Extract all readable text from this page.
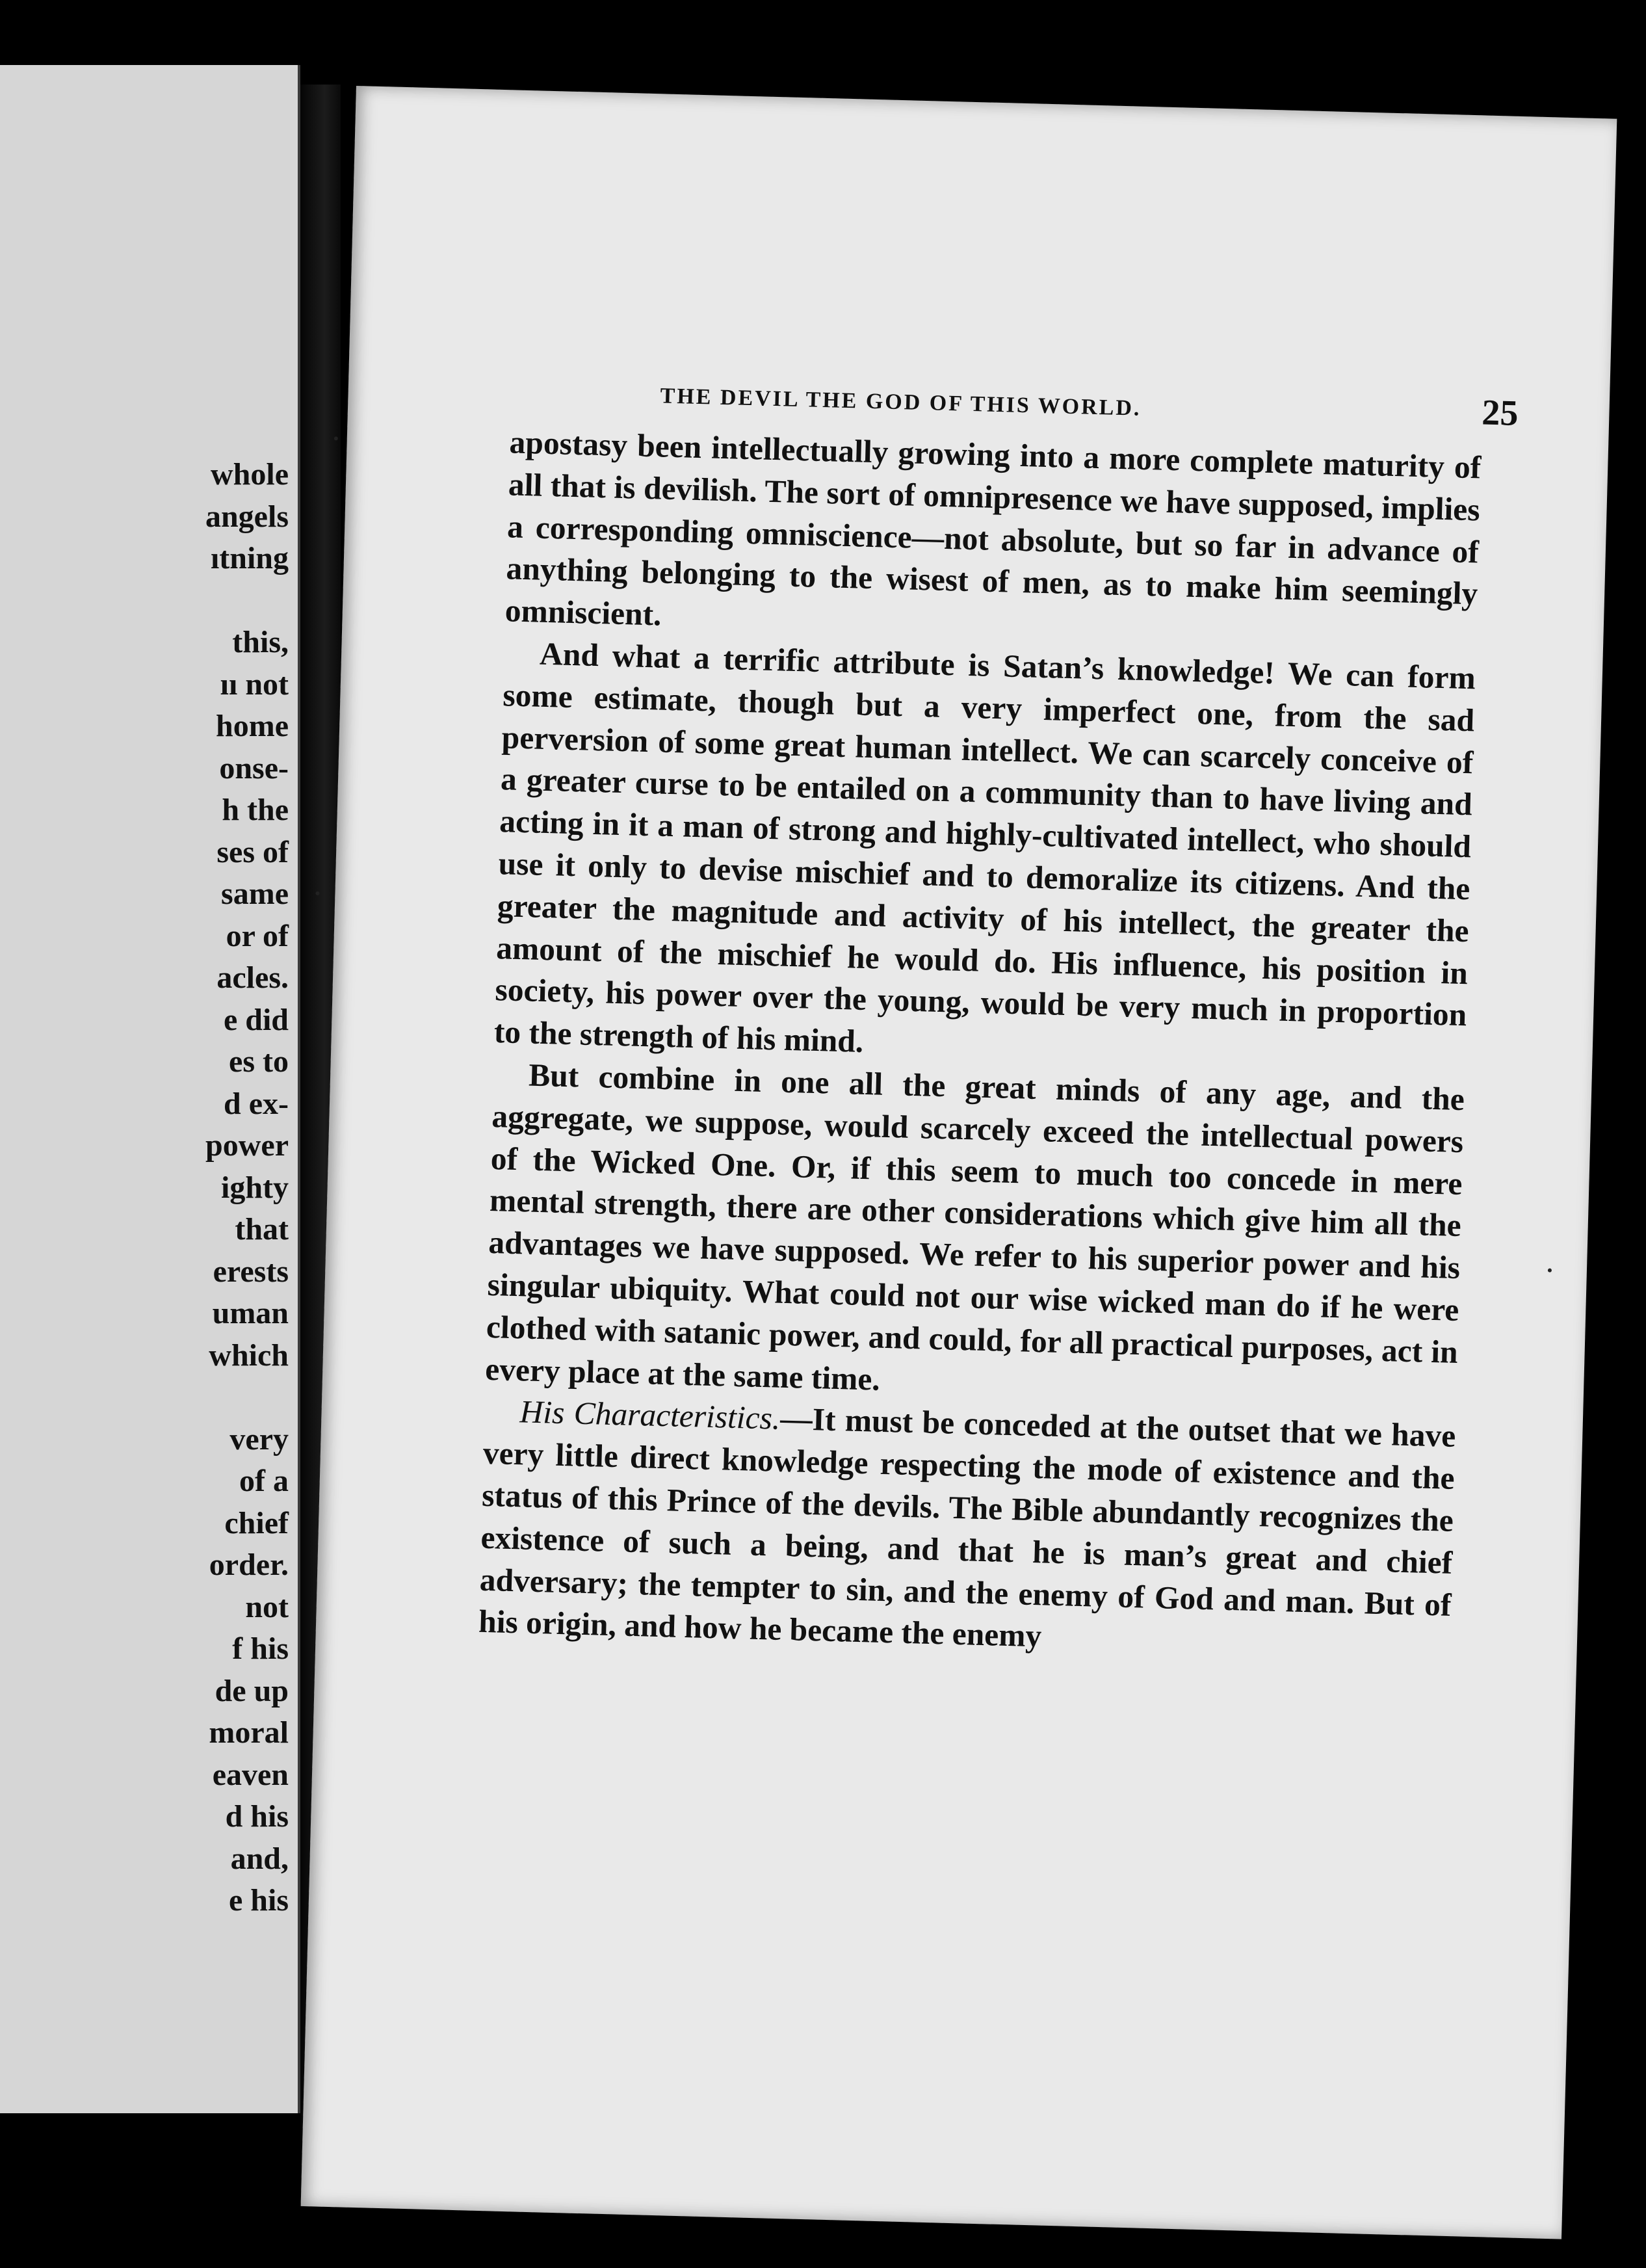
whole
angels
ıtning

this,
ıı not
home
onse-
h the
ses of
same
or of
acles.
e did
es to
d ex-
power
ighty
that
erests
uman
which

very
of a
chief
order.
not
f his
de up
moral
eaven
d his
and,
e his
THE DEVIL THE GOD OF THIS WORLD.	25

apostasy been intellectually growing into a more complete maturity of all that is devilish. The sort of omnipresence we have supposed, implies a corresponding omniscience—not absolute, but so far in advance of anything belonging to the wisest of men, as to make him seemingly omniscient.

And what a terrific attribute is Satan’s knowledge! We can form some estimate, though but a very imperfect one, from the sad perversion of some great human intellect. We can scarcely conceive of a greater curse to be entailed on a community than to have living and acting in it a man of strong and highly-cultivated intellect, who should use it only to devise mischief and to demoralize its citizens. And the greater the magnitude and activity of his intellect, the greater the amount of the mischief he would do. His influence, his position in society, his power over the young, would be very much in proportion to the strength of his mind.

But combine in one all the great minds of any age, and the aggregate, we suppose, would scarcely exceed the intellectual powers of the Wicked One. Or, if this seem to much too concede in mere mental strength, there are other considerations which give him all the advantages we have supposed. We refer to his superior power and his singular ubiquity. What could not our wise wicked man do if he were clothed with satanic power, and could, for all practical purposes, act in every place at the same time.

His Characteristics.—It must be conceded at the outset that we have very little direct knowledge respecting the mode of existence and the status of this Prince of the devils. The Bible abundantly recognizes the existence of such a being, and that he is man’s great and chief adversary; the tempter to sin, and the enemy of God and man. But of his origin, and how he became the enemy
